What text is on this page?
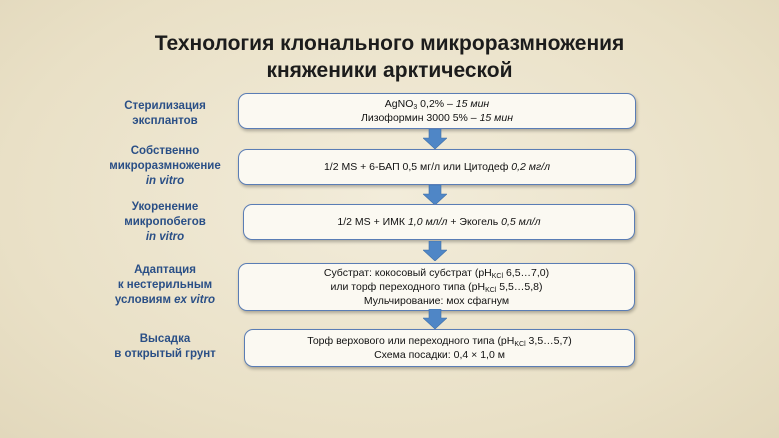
Технология клонального микроразмножения
княженики арктической
Стерилизация
эксплантов
AgNO$_3$ 0,2% – 15 мин
Лизоформин 3000 5% – 15 мин
Собственно
микроразмножение
in vitro
1/2 MS + 6-БАП 0,5 мг/л или Цитодеф 0,2 мг/л
Укоренение
микропобегов
in vitro
1/2 MS + ИМК 1,0 мл/л + Экогель 0,5 мл/л
Адаптация
к нестерильным
условиям ex vitro
Субстрат: кокосовый субстрат ($pH_{KCl}$ 6,5…7,0)
или торф переходного типа ($pH_{KCl}$ 5,5…5,8)
Мульчирование: мох сфагнум
Высадка
в открытый грунт
Торф верхового или переходного типа ($pH_{KCl}$ 3,5…5,7)
Схема посадки: 0,4 × 1,0 м
